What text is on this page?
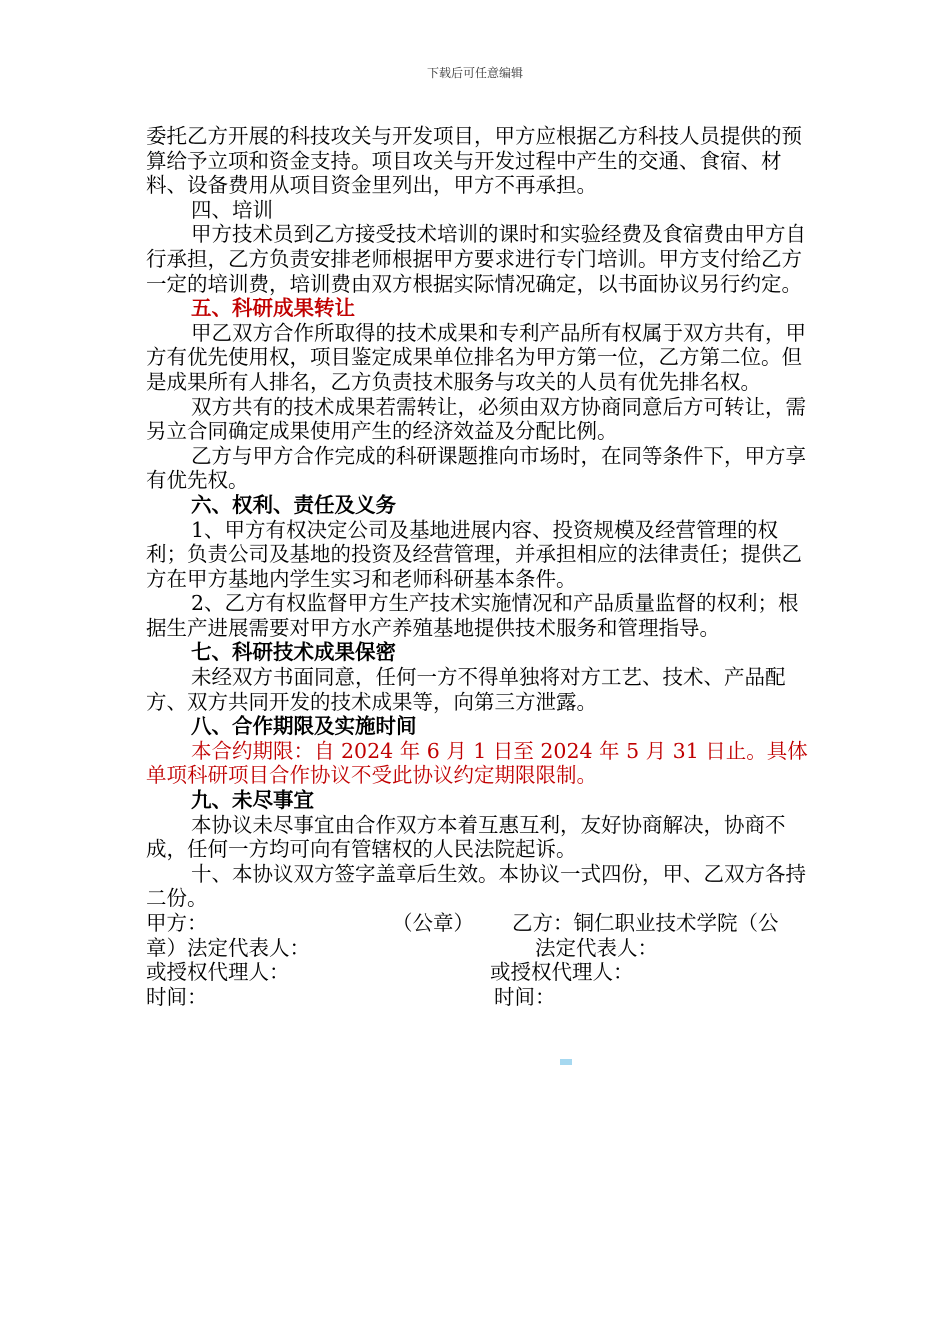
下载后可任意编辑

委托乙方开展的科技攻关与开发项目，甲方应根据乙方科技人员提供的预算给予立项和资金支持。项目攻关与开发过程中产生的交通、食宿、材料、设备费用从项目资金里列出，甲方不再承担。

四、培训

甲方技术员到乙方接受技术培训的课时和实验经费及食宿费由甲方自行承担，乙方负责安排老师根据甲方要求进行专门培训。甲方支付给乙方一定的培训费，培训费由双方根据实际情况确定，以书面协议另行约定。

五、科研成果转让

甲乙双方合作所取得的技术成果和专利产品所有权属于双方共有，甲方有优先使用权，项目鉴定成果单位排名为甲方第一位，乙方第二位。但是成果所有人排名，乙方负责技术服务与攻关的人员有优先排名权。

双方共有的技术成果若需转让，必须由双方协商同意后方可转让，需另立合同确定成果使用产生的经济效益及分配比例。

乙方与甲方合作完成的科研课题推向市场时，在同等条件下，甲方享有优先权。

六、权利、责任及义务

1、甲方有权决定公司及基地进展内容、投资规模及经营管理的权利；负责公司及基地的投资及经营管理，并承担相应的法律责任；提供乙方在甲方基地内学生实习和老师科研基本条件。

2、乙方有权监督甲方生产技术实施情况和产品质量监督的权利；根据生产进展需要对甲方水产养殖基地提供技术服务和管理指导。

七、科研技术成果保密

未经双方书面同意，任何一方不得单独将对方工艺、技术、产品配方、双方共同开发的技术成果等，向第三方泄露。

八、合作期限及实施时间

本合约期限：自 2024 年 6 月 1 日至 2024 年 5 月 31 日止。具体单项科研项目合作协议不受此协议约定期限限制。

九、未尽事宜

本协议未尽事宜由合作双方本着互惠互利，友好协商解决，协商不成，任何一方均可向有管辖权的人民法院起诉。

十、本协议双方签字盖章后生效。本协议一式四份，甲、乙双方各持二份。

甲方：	（公章） 乙方：铜仁职业技术学院（公
章）法定代表人：	法定代表人：
或授权代理人：	或授权代理人：
时间：	时间：
